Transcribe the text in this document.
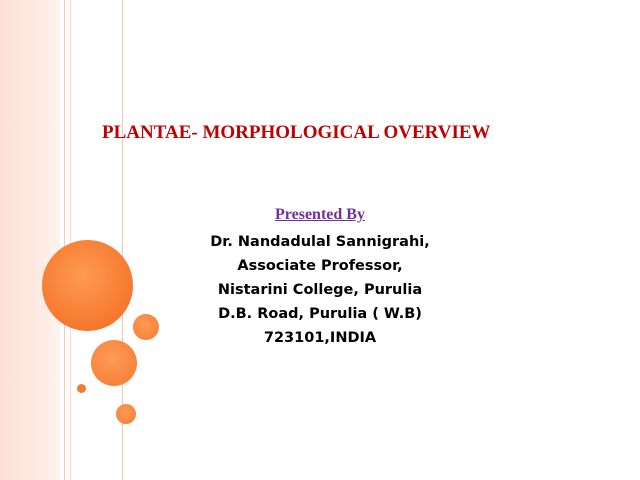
PLANTAE- MORPHOLOGICAL OVERVIEW
Presented By
Dr. Nandadulal Sannigrahi,
Associate Professor,
Nistarini College, Purulia
D.B. Road, Purulia ( W.B)
723101,INDIA
